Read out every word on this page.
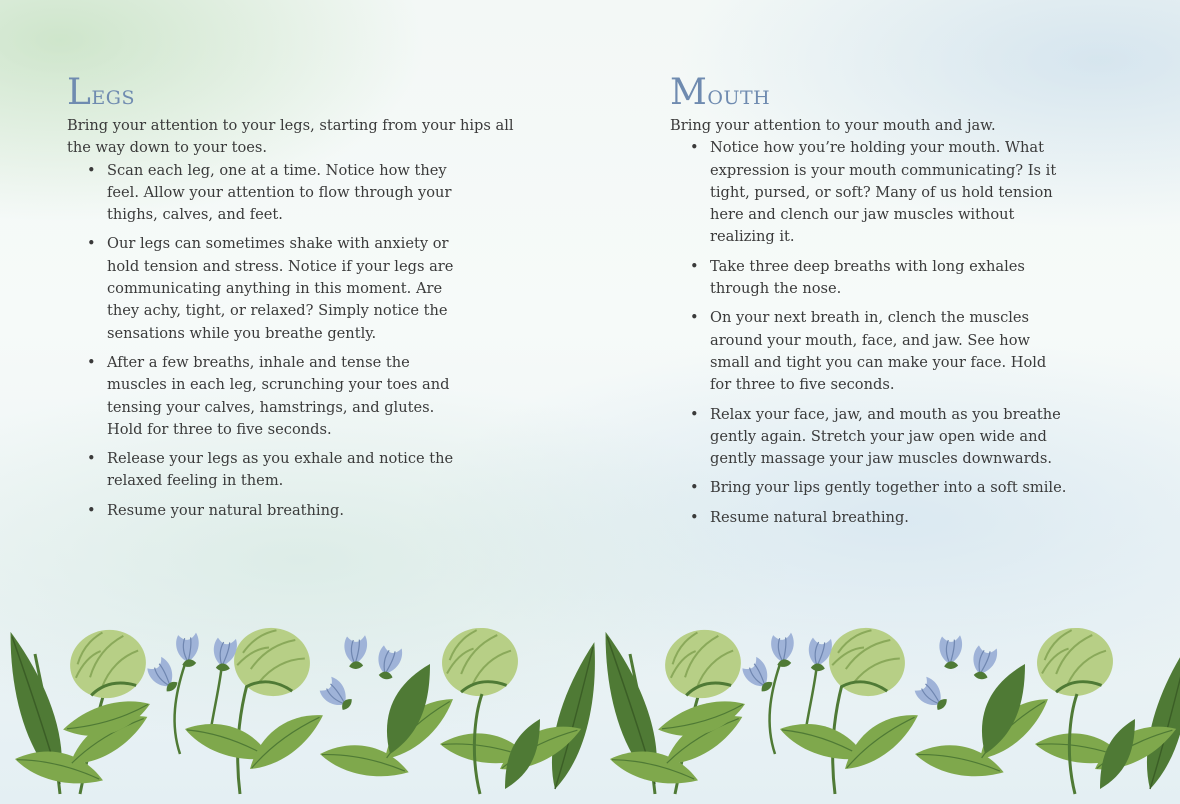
LEGS

Bring your attention to your legs, starting from your hips all the way down to your toes.

• Scan each leg, one at a time. Notice how they feel. Allow your attention to flow through your thighs, calves, and feet.
• Our legs can sometimes shake with anxiety or hold tension and stress. Notice if your legs are communicating anything in this moment. Are they achy, tight, or relaxed? Simply notice the sensations while you breathe gently.
• After a few breaths, inhale and tense the muscles in each leg, scrunching your toes and tensing your calves, hamstrings, and glutes. Hold for three to five seconds.
• Release your legs as you exhale and notice the relaxed feeling in them.
• Resume your natural breathing.
MOUTH

Bring your attention to your mouth and jaw.

• Notice how you’re holding your mouth. What expression is your mouth communicating? Is it tight, pursed, or soft? Many of us hold tension here and clench our jaw muscles without realizing it.
• Take three deep breaths with long exhales through the nose.
• On your next breath in, clench the muscles around your mouth, face, and jaw. See how small and tight you can make your face. Hold for three to five seconds.
• Relax your face, jaw, and mouth as you breathe gently again. Stretch your jaw open wide and gently massage your jaw muscles downwards.
• Bring your lips gently together into a soft smile.
• Resume natural breathing.
